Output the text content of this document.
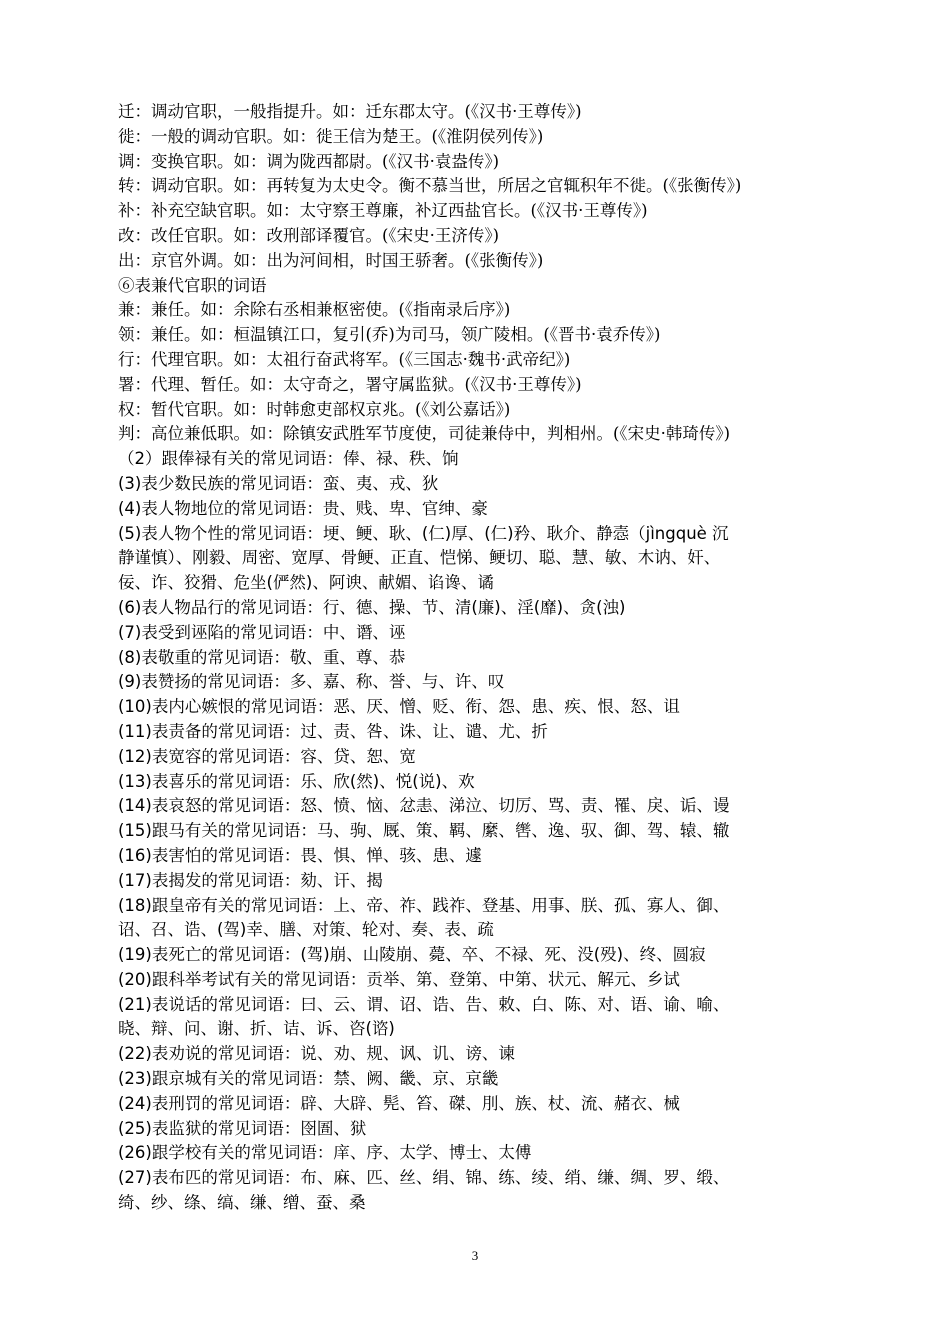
迁：调动官职，一般指提升。如：迁东郡太守。(《汉书·王尊传》)
徙：一般的调动官职。如：徙王信为楚王。(《淮阴侯列传》)
调：变换官职。如：调为陇西都尉。(《汉书·袁盎传》)
转：调动官职。如：再转复为太史令。衡不慕当世，所居之官辄积年不徙。(《张衡传》)
补：补充空缺官职。如：太守察王尊廉，补辽西盐官长。(《汉书·王尊传》)
改：改任官职。如：改刑部译覆官。(《宋史·王济传》)
出：京官外调。如：出为河间相，时国王骄奢。(《张衡传》)
⑥表兼代官职的词语
兼：兼任。如：余除右丞相兼枢密使。(《指南录后序》)
领：兼任。如：桓温镇江口，复引(乔)为司马，领广陵相。(《晋书·袁乔传》)
行：代理官职。如：太祖行奋武将军。(《三国志·魏书·武帝纪》)
署：代理、暂任。如：太守奇之，署守属监狱。(《汉书·王尊传》)
权：暂代官职。如：时韩愈吏部权京兆。(《刘公嘉话》)
判：高位兼低职。如：除镇安武胜军节度使，司徒兼侍中，判相州。(《宋史·韩琦传》)
（2）跟俸禄有关的常见词语：俸、禄、秩、饷
(3)表少数民族的常见词语：蛮、夷、戎、狄
(4)表人物地位的常见词语：贵、贱、卑、官绅、豪
(5)表人物个性的常见词语：埂、鲠、耿、(仁)厚、(仁)矜、耿介、静悫（jìngquè 沉
静谨慎）、刚毅、周密、宽厚、骨鲠、正直、恺悌、鲠切、聪、慧、敏、木讷、奸、
佞、诈、狡猾、危坐(俨然)、阿谀、献媚、谄谗、谲
(6)表人物品行的常见词语：行、德、操、节、清(廉)、淫(靡)、贪(浊)
(7)表受到诬陷的常见词语：中、谮、诬
(8)表敬重的常见词语：敬、重、尊、恭
(9)表赞扬的常见词语：多、嘉、称、誉、与、许、叹
(10)表内心嫉恨的常见词语：恶、厌、憎、贬、衔、怨、患、疾、恨、怒、诅
(11)表责备的常见词语：过、责、咎、诛、让、谴、尤、折
(12)表宽容的常见词语：容、贷、恕、宽
(13)表喜乐的常见词语：乐、欣(然)、悦(说)、欢
(14)表哀怒的常见词语：怒、愤、恼、忿恚、涕泣、切厉、骂、责、罹、戾、诟、谩
(15)跟马有关的常见词语：马、驹、厩、策、羁、縻、辔、逸、驭、御、驾、辕、辙
(16)表害怕的常见词语：畏、惧、惮、骇、患、遽
(17)表揭发的常见词语：劾、讦、揭
(18)跟皇帝有关的常见词语：上、帝、祚、践祚、登基、用事、朕、孤、寡人、御、
诏、召、诰、(驾)幸、膳、对策、轮对、奏、表、疏
(19)表死亡的常见词语：(驾)崩、山陵崩、薨、卒、不禄、死、没(殁)、终、圆寂
(20)跟科举考试有关的常见词语：贡举、第、登第、中第、状元、解元、乡试
(21)表说话的常见词语：曰、云、谓、诏、诰、告、敕、白、陈、对、语、谕、喻、
晓、辩、问、谢、折、诘、诉、咨(谘)
(22)表劝说的常见词语：说、劝、规、讽、讥、谤、谏
(23)跟京城有关的常见词语：禁、阙、畿、京、京畿
(24)表刑罚的常见词语：辟、大辟、髡、笞、磔、刖、族、杖、流、赭衣、械
(25)表监狱的常见词语：囹圄、狱
(26)跟学校有关的常见词语：庠、序、太学、博士、太傅
(27)表布匹的常见词语：布、麻、匹、丝、绢、锦、练、绫、绡、缣、绸、罗、缎、
绮、纱、绦、缟、缣、缯、蚕、桑
3
